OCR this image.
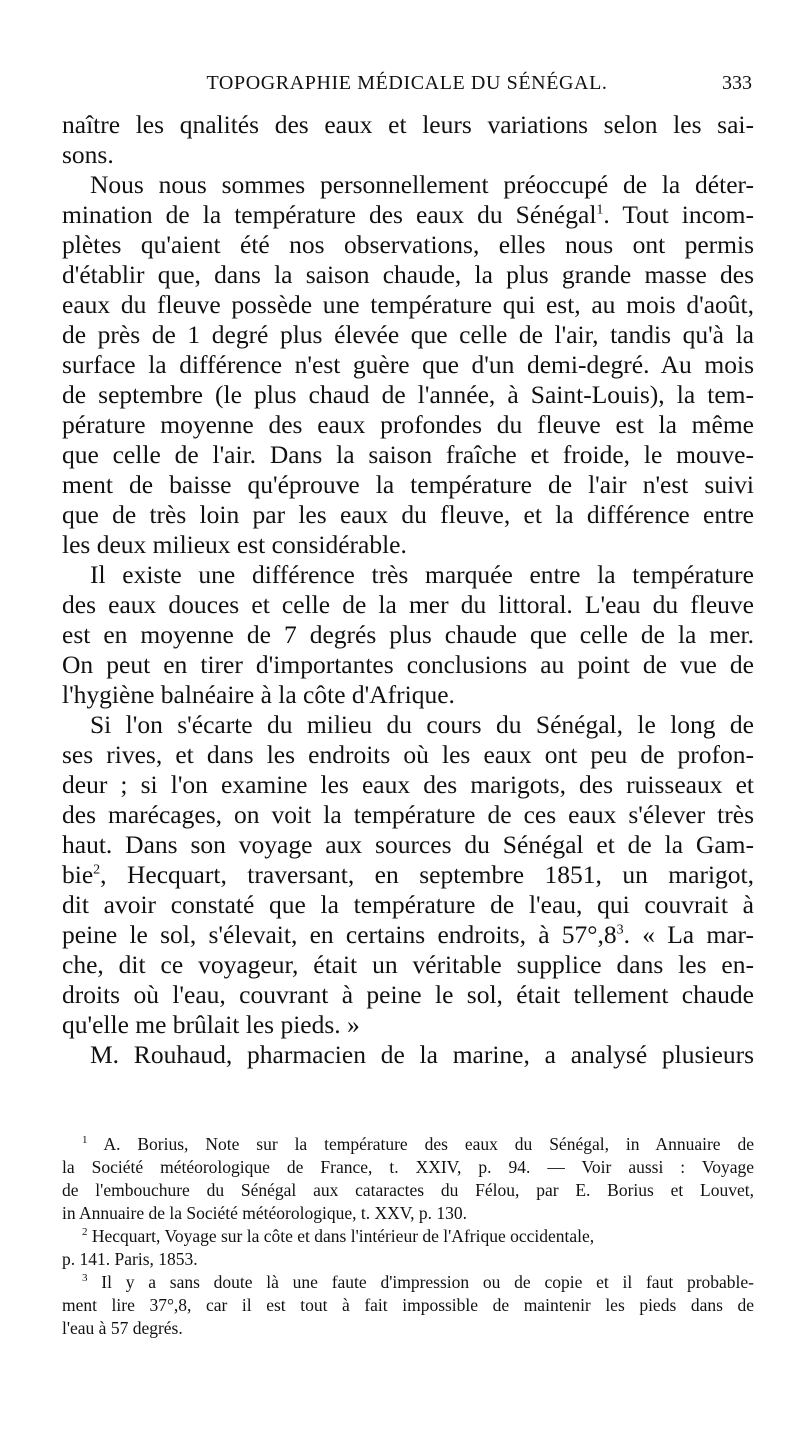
TOPOGRAPHIE MÉDICALE DU SÉNÉGAL.	333
naître les qnalités des eaux et leurs variations selon les sai-
sons.
Nous nous sommes personnellement préoccupé de la déter-
mination de la température des eaux du Sénégal$^1$. Tout incom-
plètes qu'aient été nos observations, elles nous ont permis
d'établir que, dans la saison chaude, la plus grande masse des
eaux du fleuve possède une température qui est, au mois d'août,
de près de 1 degré plus élevée que celle de l'air, tandis qu'à la
surface la différence n'est guère que d'un demi-degré. Au mois
de septembre (le plus chaud de l'année, à Saint-Louis), la tem-
pérature moyenne des eaux profondes du fleuve est la même
que celle de l'air. Dans la saison fraîche et froide, le mouve-
ment de baisse qu'éprouve la température de l'air n'est suivi
que de très loin par les eaux du fleuve, et la différence entre
les deux milieux est considérable.
Il existe une différence très marquée entre la température
des eaux douces et celle de la mer du littoral. L'eau du fleuve
est en moyenne de 7 degrés plus chaude que celle de la mer.
On peut en tirer d'importantes conclusions au point de vue de
l'hygiène balnéaire à la côte d'Afrique.
Si l'on s'écarte du milieu du cours du Sénégal, le long de
ses rives, et dans les endroits où les eaux ont peu de profon-
deur ; si l'on examine les eaux des marigots, des ruisseaux et
des marécages, on voit la température de ces eaux s'élever très
haut. Dans son voyage aux sources du Sénégal et de la Gam-
bie$^2$, Hecquart, traversant, en septembre 1851, un marigot,
dit avoir constaté que la température de l'eau, qui couvrait à
peine le sol, s'élevait, en certains endroits, à $57^\circ,8^3$. « La mar-
che, dit ce voyageur, était un véritable supplice dans les en-
droits où l'eau, couvrant à peine le sol, était tellement chaude
qu'elle me brûlait les pieds. »
M. Rouhaud, pharmacien de la marine, a analysé plusieurs
$^1$ A. Borius, Note sur la température des eaux du Sénégal, in Annuaire de
la Société météorologique de France, t. XXIV, p. 94. — Voir aussi : Voyage
de l'embouchure du Sénégal aux cataractes du Félou, par E. Borius et Louvet,
in Annuaire de la Société météorologique, t. XXV, p. 130.
$^2$ Hecquart, Voyage sur la côte et dans l'intérieur de l'Afrique occidentale,
p. 141. Paris, 1853.
$^3$ Il y a sans doute là une faute d'impression ou de copie et il faut probable-
ment lire 37°,8, car il est tout à fait impossible de maintenir les pieds dans de
l'eau à 57 degrés.
